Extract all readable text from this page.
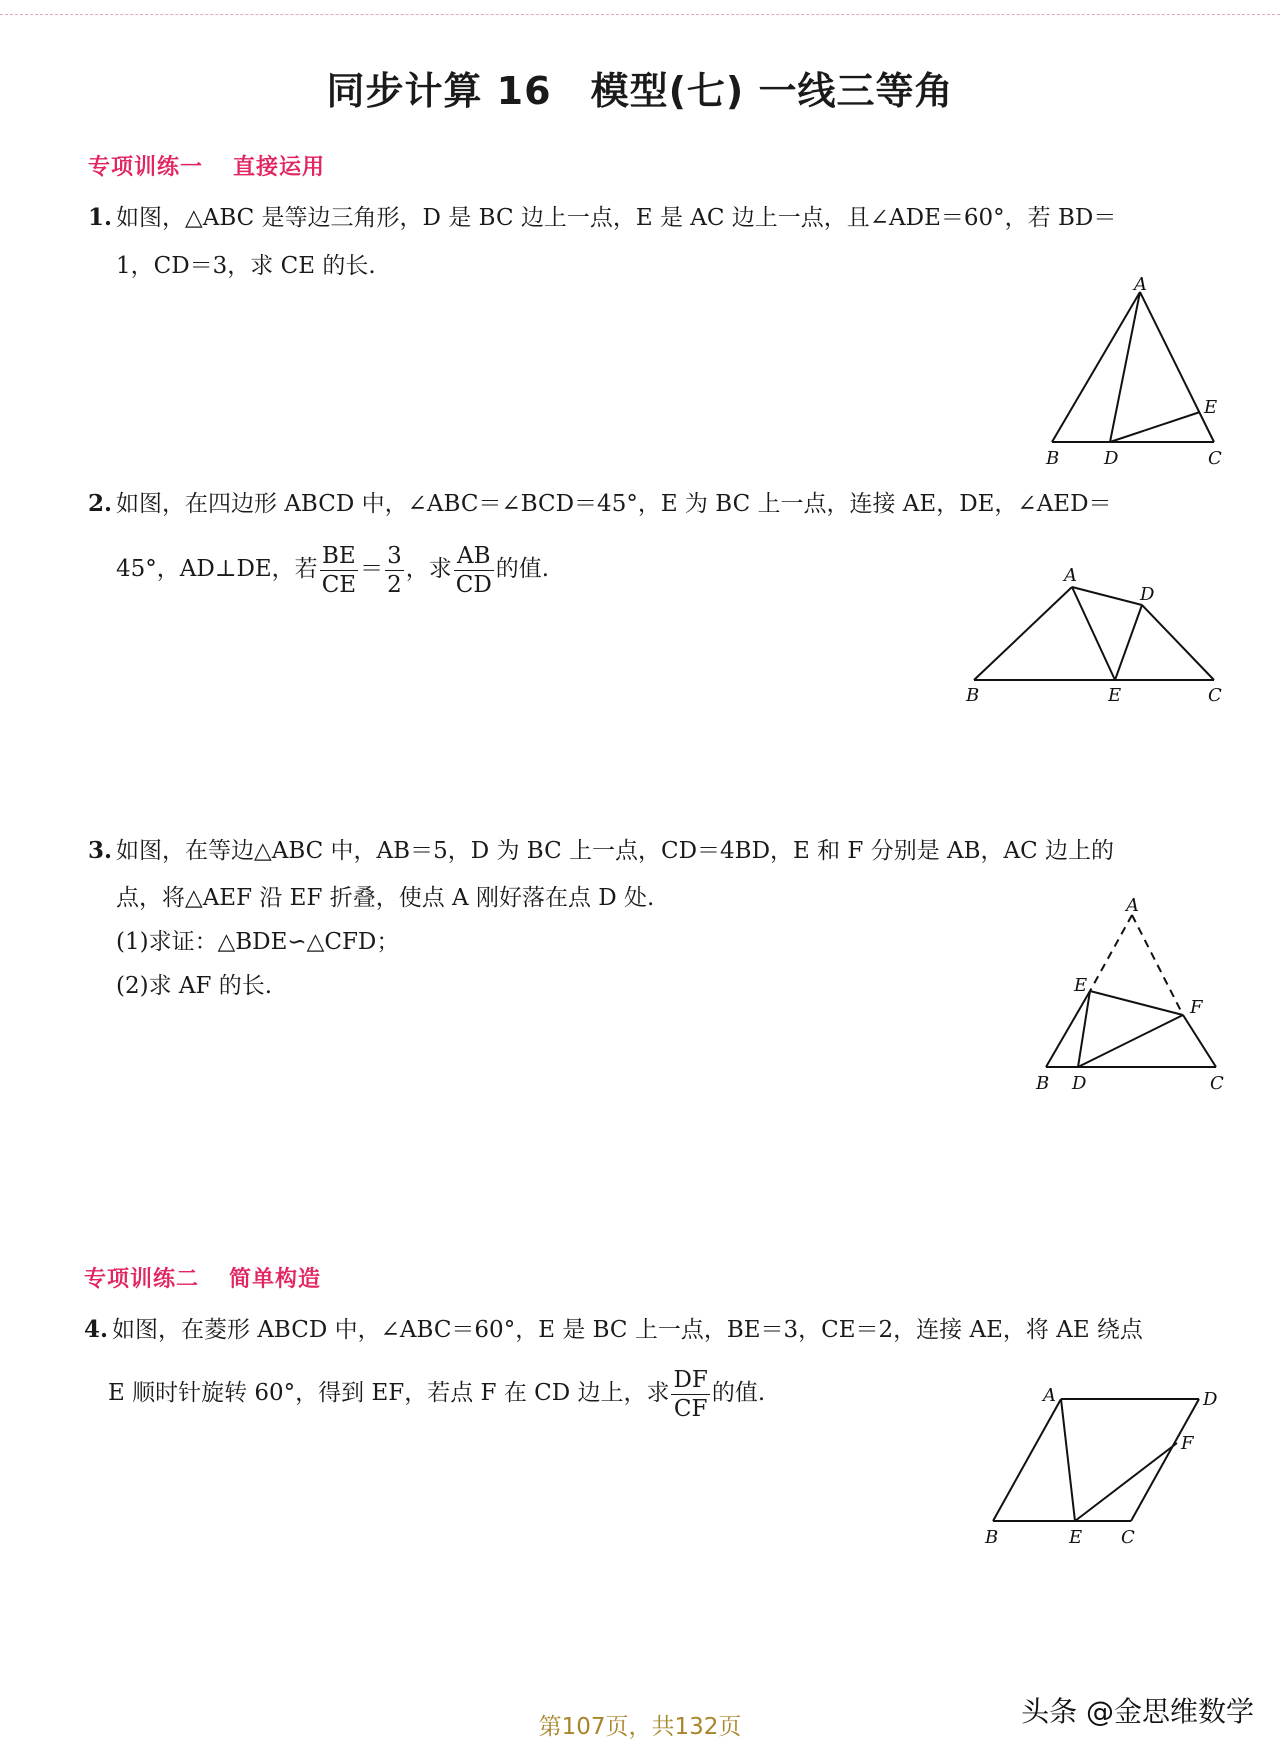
同步计算 16　模型(七) 一线三等角
专项训练一 直接运用
1. 如图，△ABC 是等边三角形，D 是 BC 边上一点，E 是 AC 边上一点，且∠ADE＝60°，若 BD＝
1，CD＝3，求 CE 的长.
A
B D	C
E
2. 如图，在四边形 ABCD 中，∠ABC＝∠BCD＝45°，E 为 BC 上一点，连接 AE，DE，∠AED＝
45°，AD⊥DE，若 $\frac{BE}{CE} = \frac{3}{2}$ ，求 $\frac{AB}{CD}$ 的值.	A
D
B	E	C
3. 如图，在等边△ABC 中，AB＝5，D 为 BC 上一点，CD＝4BD，E 和 F 分别是 AB，AC 边上的
点，将△AEF 沿 EF 折叠，使点 A 刚好落在点 D 处.
(1)求证：△BDE∽△CFD；
(2)求 AF 的长.
A
E
F
B D	C
专项训练二 简单构造
4. 如图，在菱形 ABCD 中，∠ABC＝60°，E 是 BC 上一点，BE＝3，CE＝2，连接 AE，将 AE 绕点
E 顺时针旋转 60°，得到 EF，若点 F 在 CD 边上，求 $\frac{DF}{CF}$ 的值.	A	D
F
B	E C
头条 @金思维数学
第107页，共132页
